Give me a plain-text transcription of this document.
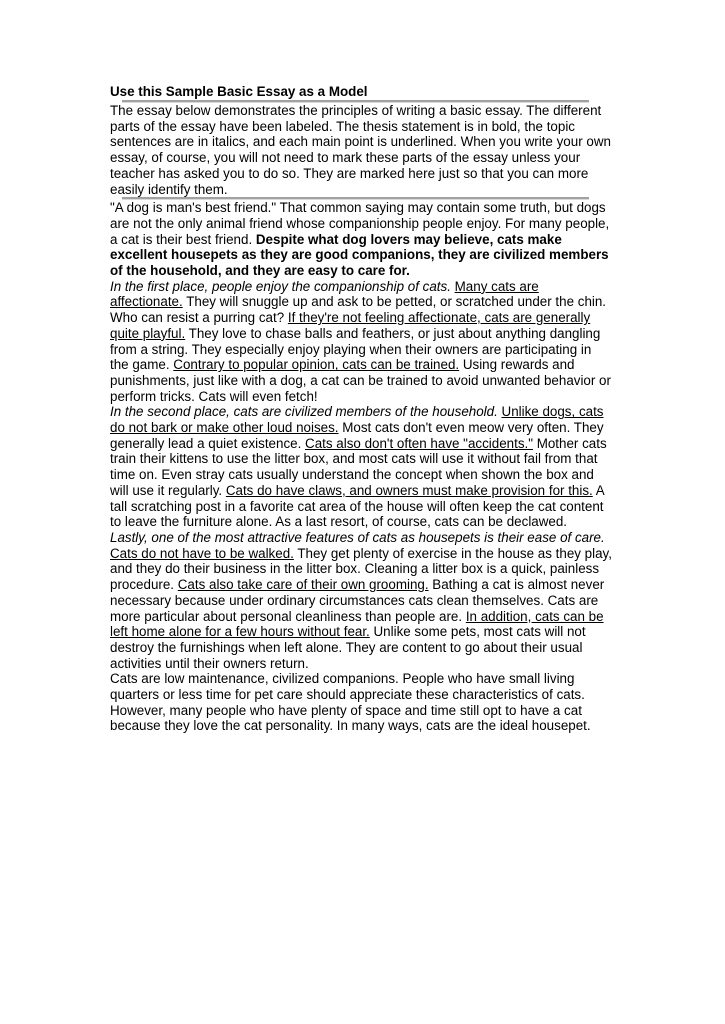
Use this Sample Basic Essay as a Model

The essay below demonstrates the principles of writing a basic essay. The different parts of the essay have been labeled. The thesis statement is in bold, the topic sentences are in italics, and each main point is underlined. When you write your own essay, of course, you will not need to mark these parts of the essay unless your teacher has asked you to do so. They are marked here just so that you can more easily identify them.

"A dog is man's best friend." That common saying may contain some truth, but dogs are not the only animal friend whose companionship people enjoy. For many people, a cat is their best friend. Despite what dog lovers may believe, cats make excellent housepets as they are good companions, they are civilized members of the household, and they are easy to care for.

In the first place, people enjoy the companionship of cats. Many cats are affectionate. They will snuggle up and ask to be petted, or scratched under the chin. Who can resist a purring cat? If they're not feeling affectionate, cats are generally quite playful. They love to chase balls and feathers, or just about anything dangling from a string. They especially enjoy playing when their owners are participating in the game. Contrary to popular opinion, cats can be trained. Using rewards and punishments, just like with a dog, a cat can be trained to avoid unwanted behavior or perform tricks. Cats will even fetch!

In the second place, cats are civilized members of the household. Unlike dogs, cats do not bark or make other loud noises. Most cats don't even meow very often. They generally lead a quiet existence. Cats also don't often have "accidents." Mother cats train their kittens to use the litter box, and most cats will use it without fail from that time on. Even stray cats usually understand the concept when shown the box and will use it regularly. Cats do have claws, and owners must make provision for this. A tall scratching post in a favorite cat area of the house will often keep the cat content to leave the furniture alone. As a last resort, of course, cats can be declawed.

Lastly, one of the most attractive features of cats as housepets is their ease of care. Cats do not have to be walked. They get plenty of exercise in the house as they play, and they do their business in the litter box. Cleaning a litter box is a quick, painless procedure. Cats also take care of their own grooming. Bathing a cat is almost never necessary because under ordinary circumstances cats clean themselves. Cats are more particular about personal cleanliness than people are. In addition, cats can be left home alone for a few hours without fear. Unlike some pets, most cats will not destroy the furnishings when left alone. They are content to go about their usual activities until their owners return.

Cats are low maintenance, civilized companions. People who have small living quarters or less time for pet care should appreciate these characteristics of cats. However, many people who have plenty of space and time still opt to have a cat because they love the cat personality. In many ways, cats are the ideal housepet.
